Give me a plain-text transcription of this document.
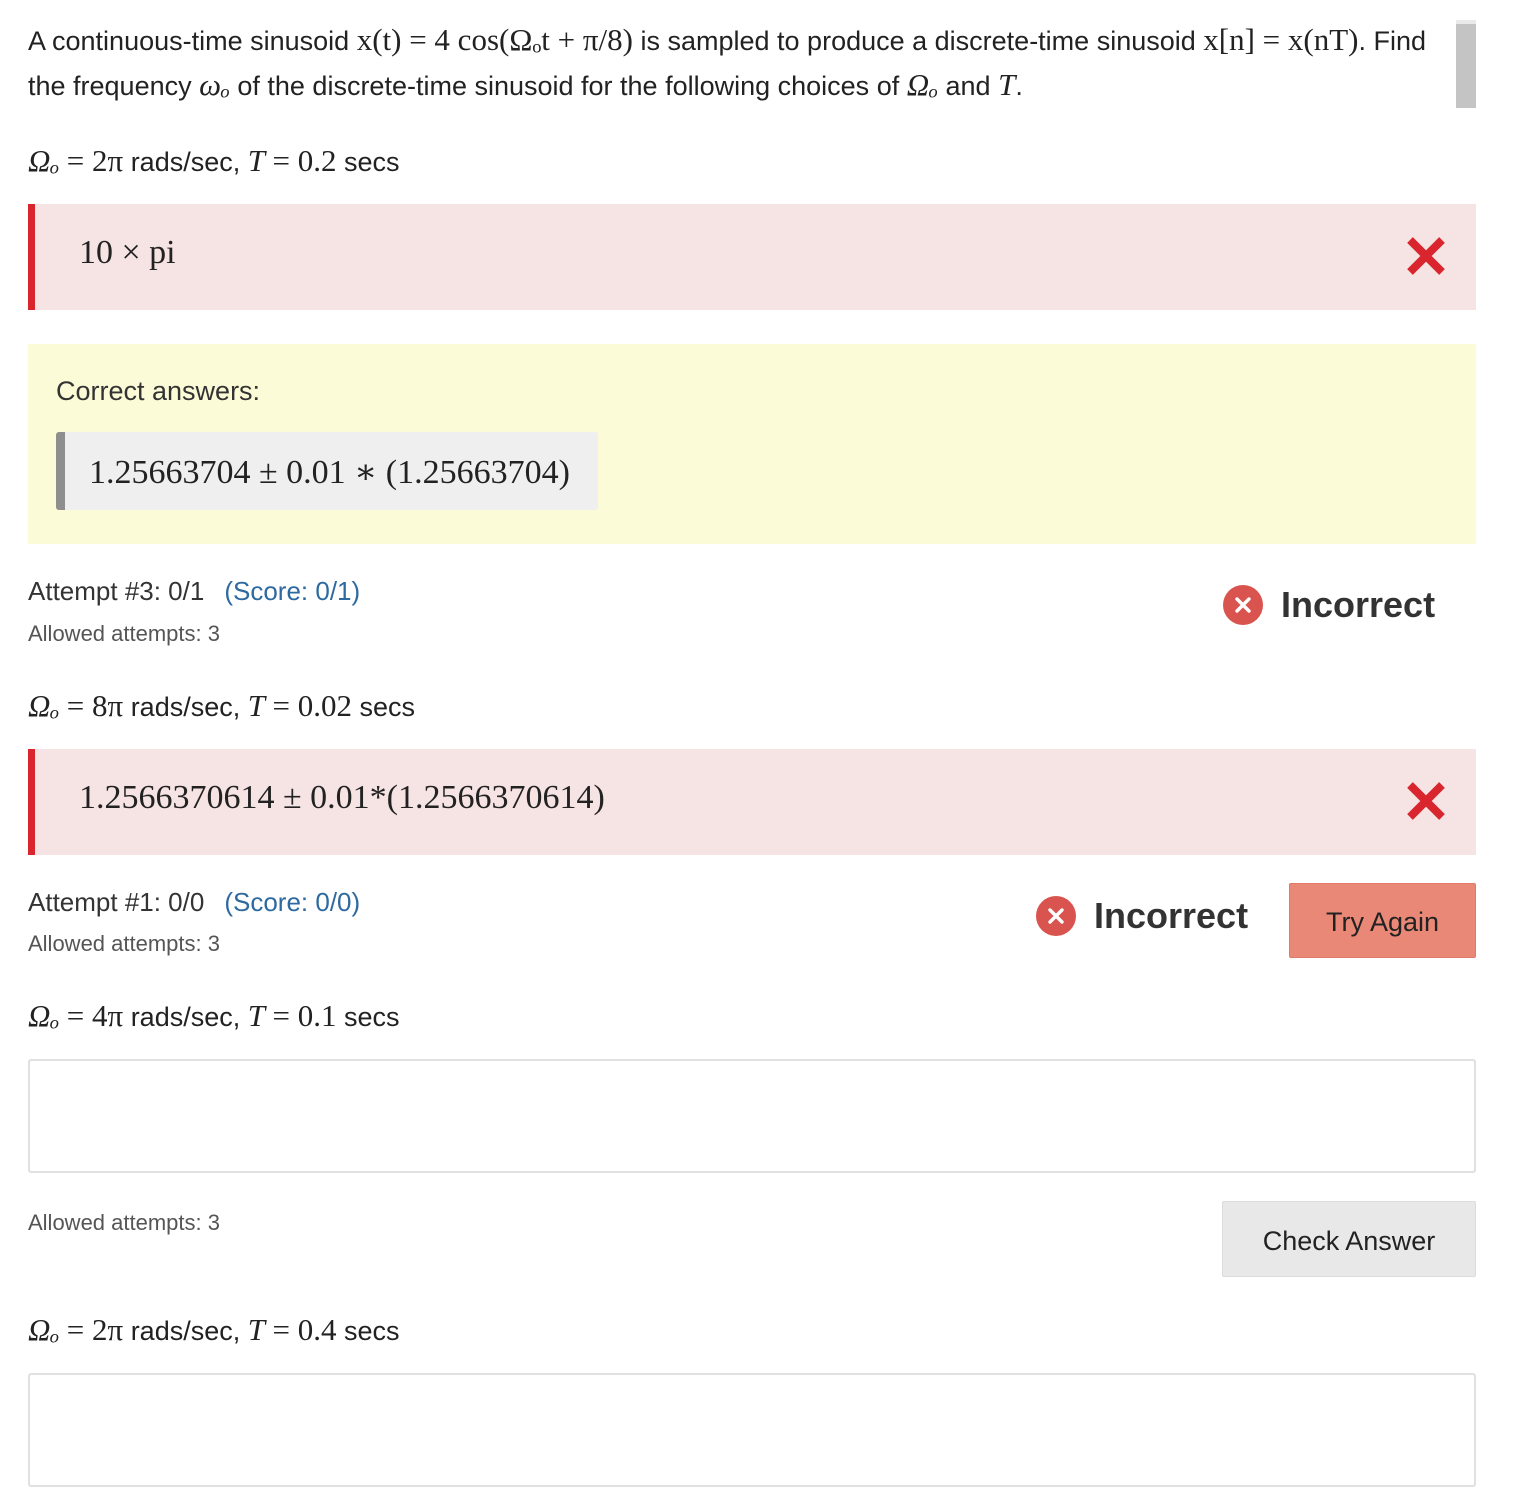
A continuous-time sinusoid x(t) = 4 cos(Ωₒt + π/8) is sampled to produce a discrete-time sinusoid x[n] = x(nT). Find the frequency ωₒ of the discrete-time sinusoid for the following choices of Ωₒ and T.
Ωₒ = 2π rads/sec, T = 0.2 secs
10 × pi
Correct answers:
1.25663704 ± 0.01 ∗ (1.25663704)
Attempt #3: 0/1 (Score: 0/1)
Allowed attempts: 3
Incorrect
Ωₒ = 8π rads/sec, T = 0.02 secs
1.2566370614 ± 0.01*(1.2566370614)
Attempt #1: 0/0 (Score: 0/0)
Allowed attempts: 3
Incorrect	Try Again
Ωₒ = 4π rads/sec, T = 0.1 secs
Allowed attempts: 3
Check Answer
Ωₒ = 2π rads/sec, T = 0.4 secs
